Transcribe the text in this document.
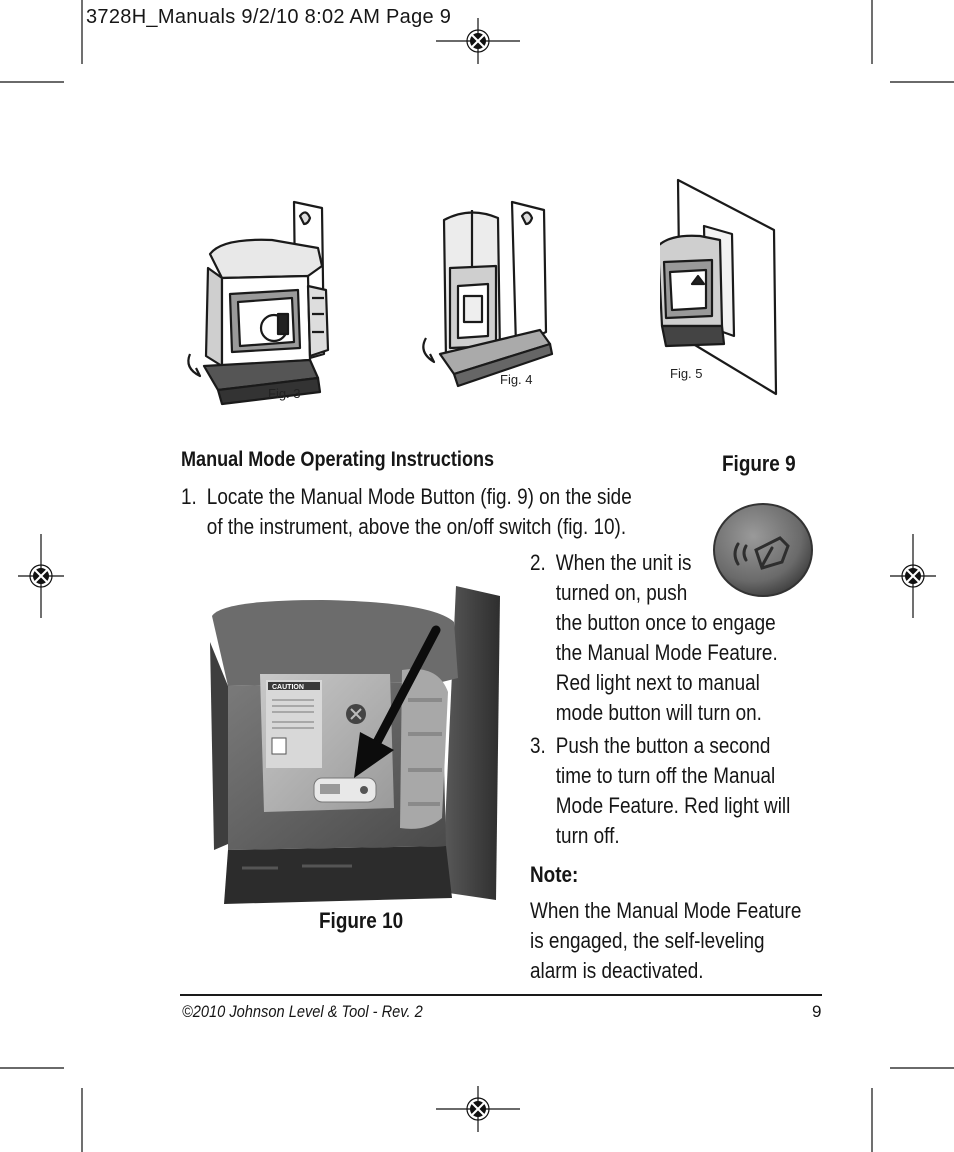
3728H_Manuals 9/2/10 8:02 AM Page 9
Fig. 3
Fig. 4	Fig. 5
Manual Mode Operating Instructions	Figure 9
1. Locate the Manual Mode Button (fig. 9) on the side
of the instrument, above the on/off switch (fig. 10).
CAUTION
Figure 10
2. When the unit is
turned on, push
the button once to engage
the Manual Mode Feature.
Red light next to manual
mode button will turn on.
3. Push the button a second
time to turn off the Manual
Mode Feature. Red light will
turn off.
Note:
When the Manual Mode Feature
is engaged, the self-leveling
alarm is deactivated.
©2010 Johnson Level & Tool - Rev. 2	9
